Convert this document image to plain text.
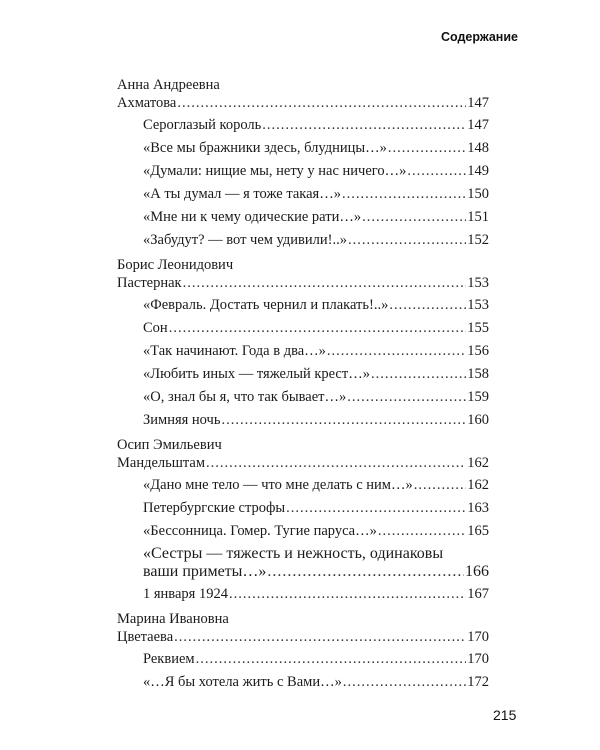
Содержание
Анна Андреевна
Ахматова .....	147
Сероглазый король .....	147
«Все мы бражники здесь, блудницы…» .....	148
«Думали: нищие мы, нету у нас ничего…» .....	149
«А ты думал — я тоже такая…» .....	150
«Мне ни к чему одические рати…» .....	151
«Забудут? — вот чем удивили!..» .....	152
Борис Леонидович
Пастернак .....	153
«Февраль. Достать чернил и плакать!..» .....	153
Сон .....	155
«Так начинают. Года в два…» .....	156
«Любить иных — тяжелый крест…» .....	158
«О, знал бы я, что так бывает…» .....	159
Зимняя ночь .....	160
Осип Эмильевич
Мандельштам .....	162
«Дано мне тело — что мне делать с ним…» .....	162
Петербургские строфы .....	163
«Бессонница. Гомер. Тугие паруса…» .....	165
«Сестры — тяжесть и нежность, одинаковы
ваши приметы…» .....	166
1 января 1924 .....	167
Марина Ивановна
Цветаева .....	170
Реквием .....	170
«…Я бы хотела жить с Вами…» .....	172
215
